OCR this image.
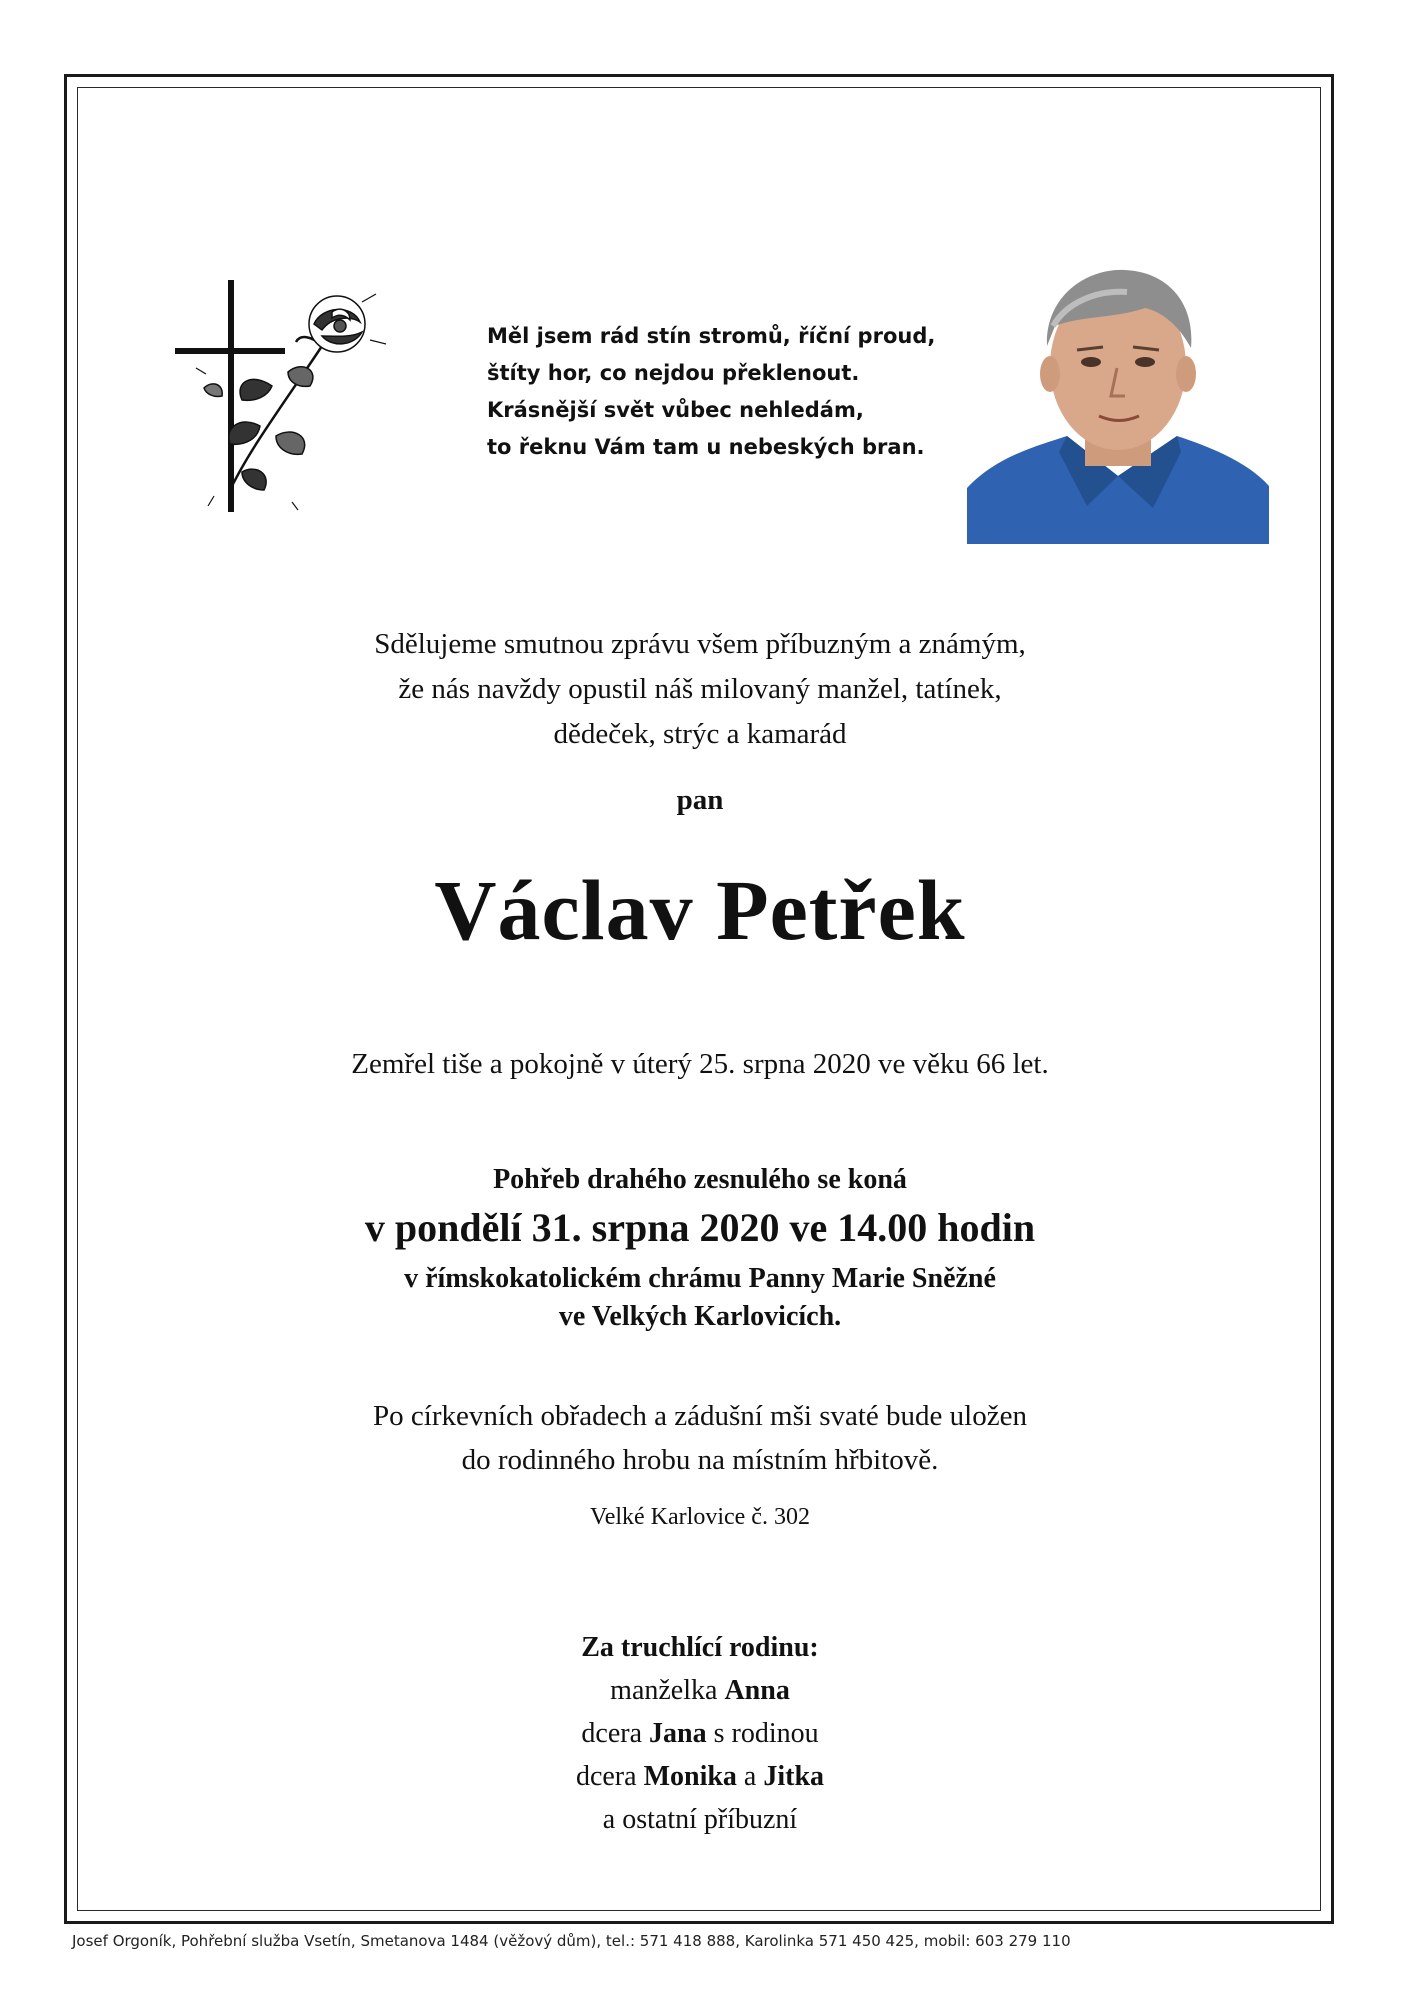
Měl jsem rád stín stromů, říční proud,
štíty hor, co nejdou překlenout.
Krásnější svět vůbec nehledám,
to řeknu Vám tam u nebeských bran.
Sdělujeme smutnou zprávu všem příbuzným a známým,
že nás navždy opustil náš milovaný manžel, tatínek,
dědeček, strýc a kamarád
pan
Václav Petřek
Zemřel tiše a pokojně v úterý 25. srpna 2020 ve věku 66 let.
Pohřeb drahého zesnulého se koná
v pondělí 31. srpna 2020 ve 14.00 hodin
v římskokatolickém chrámu Panny Marie Sněžné
ve Velkých Karlovicích.
Po církevních obřadech a zádušní mši svaté bude uložen
do rodinného hrobu na místním hřbitově.
Velké Karlovice č. 302
Za truchlící rodinu:
manželka Anna
dcera Jana s rodinou
dcera Monika a Jitka
a ostatní příbuzní
Josef Orgoník, Pohřební služba Vsetín, Smetanova 1484 (věžový dům), tel.: 571 418 888, Karolinka 571 450 425, mobil: 603 279 110
